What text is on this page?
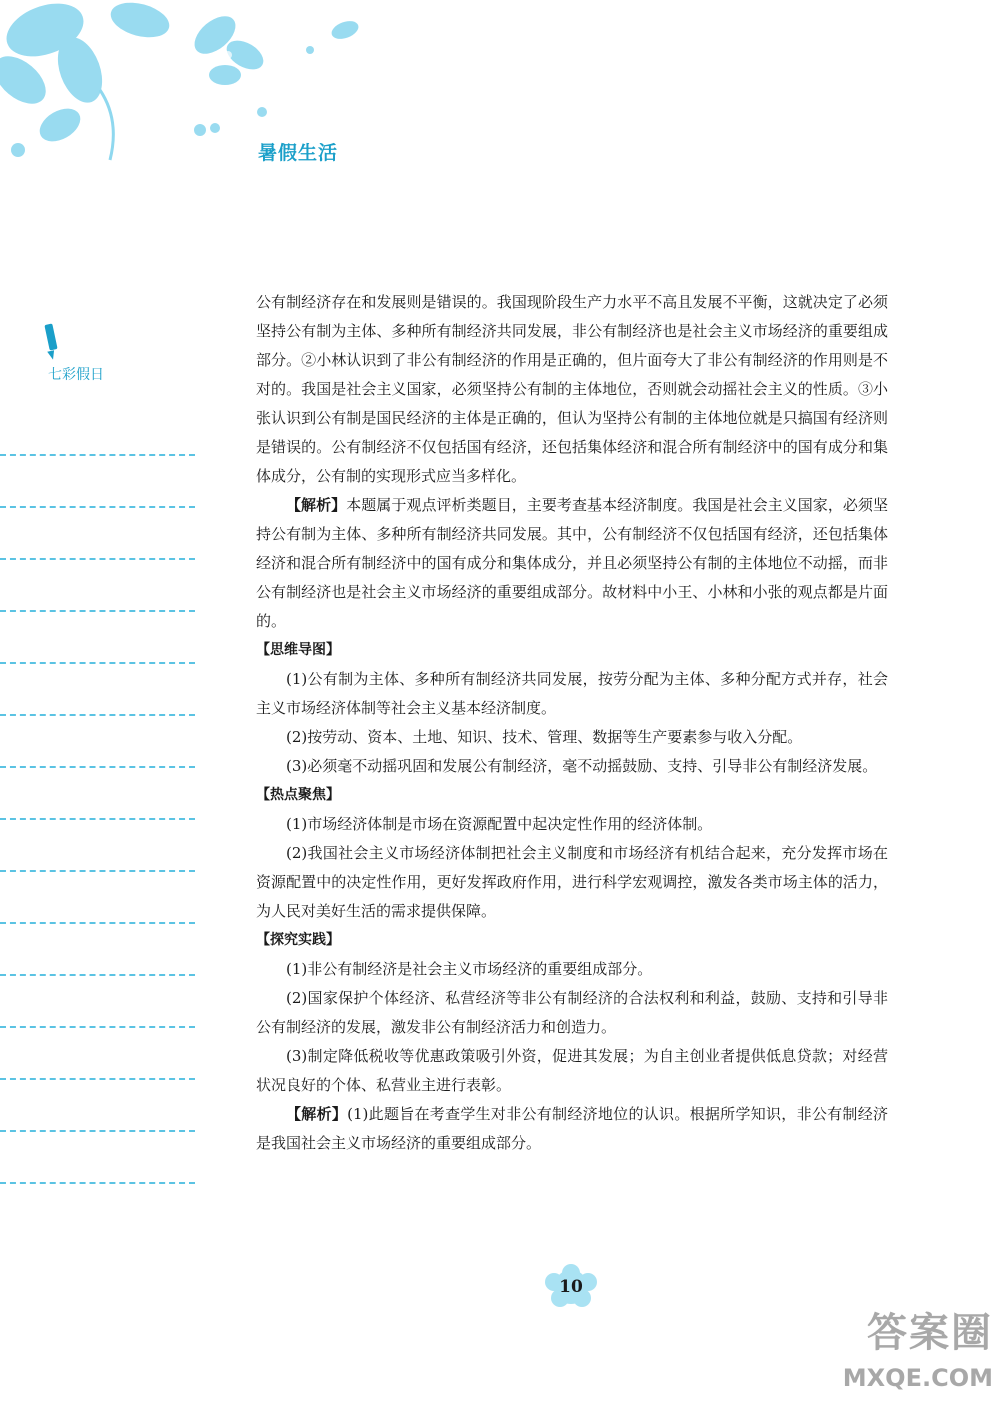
暑假生活
七彩假日

公有制经济存在和发展则是错误的。我国现阶段生产力水平不高且发展不平衡，这就决定了必须坚持公有制为主体、多种所有制经济共同发展，非公有制经济也是社会主义市场经济的重要组成部分。②小林认识到了非公有制经济的作用是正确的，但片面夸大了非公有制经济的作用则是不对的。我国是社会主义国家，必须坚持公有制的主体地位，否则就会动摇社会主义的性质。③小张认识到公有制是国民经济的主体是正确的，但认为坚持公有制的主体地位就是只搞国有经济则是错误的。公有制经济不仅包括国有经济，还包括集体经济和混合所有制经济中的国有成分和集体成分，公有制的实现形式应当多样化。

【解析】本题属于观点评析类题目，主要考查基本经济制度。我国是社会主义国家，必须坚持公有制为主体、多种所有制经济共同发展。其中，公有制经济不仅包括国有经济，还包括集体经济和混合所有制经济中的国有成分和集体成分，并且必须坚持公有制的主体地位不动摇，而非公有制经济也是社会主义市场经济的重要组成部分。故材料中小王、小林和小张的观点都是片面的。

【思维导图】

(1)公有制为主体、多种所有制经济共同发展，按劳分配为主体、多种分配方式并存，社会主义市场经济体制等社会主义基本经济制度。

(2)按劳动、资本、土地、知识、技术、管理、数据等生产要素参与收入分配。

(3)必须毫不动摇巩固和发展公有制经济，毫不动摇鼓励、支持、引导非公有制经济发展。

【热点聚焦】

(1)市场经济体制是市场在资源配置中起决定性作用的经济体制。

(2)我国社会主义市场经济体制把社会主义制度和市场经济有机结合起来，充分发挥市场在资源配置中的决定性作用，更好发挥政府作用，进行科学宏观调控，激发各类市场主体的活力，为人民对美好生活的需求提供保障。

【探究实践】

(1)非公有制经济是社会主义市场经济的重要组成部分。

(2)国家保护个体经济、私营经济等非公有制经济的合法权利和利益，鼓励、支持和引导非公有制经济的发展，激发非公有制经济活力和创造力。

(3)制定降低税收等优惠政策吸引外资，促进其发展；为自主创业者提供低息贷款；对经营状况良好的个体、私营业主进行表彰。

【解析】(1)此题旨在考查学生对非公有制经济地位的认识。根据所学知识，非公有制经济是我国社会主义市场经济的重要组成部分。

10
答案圈
MXQE.COM
